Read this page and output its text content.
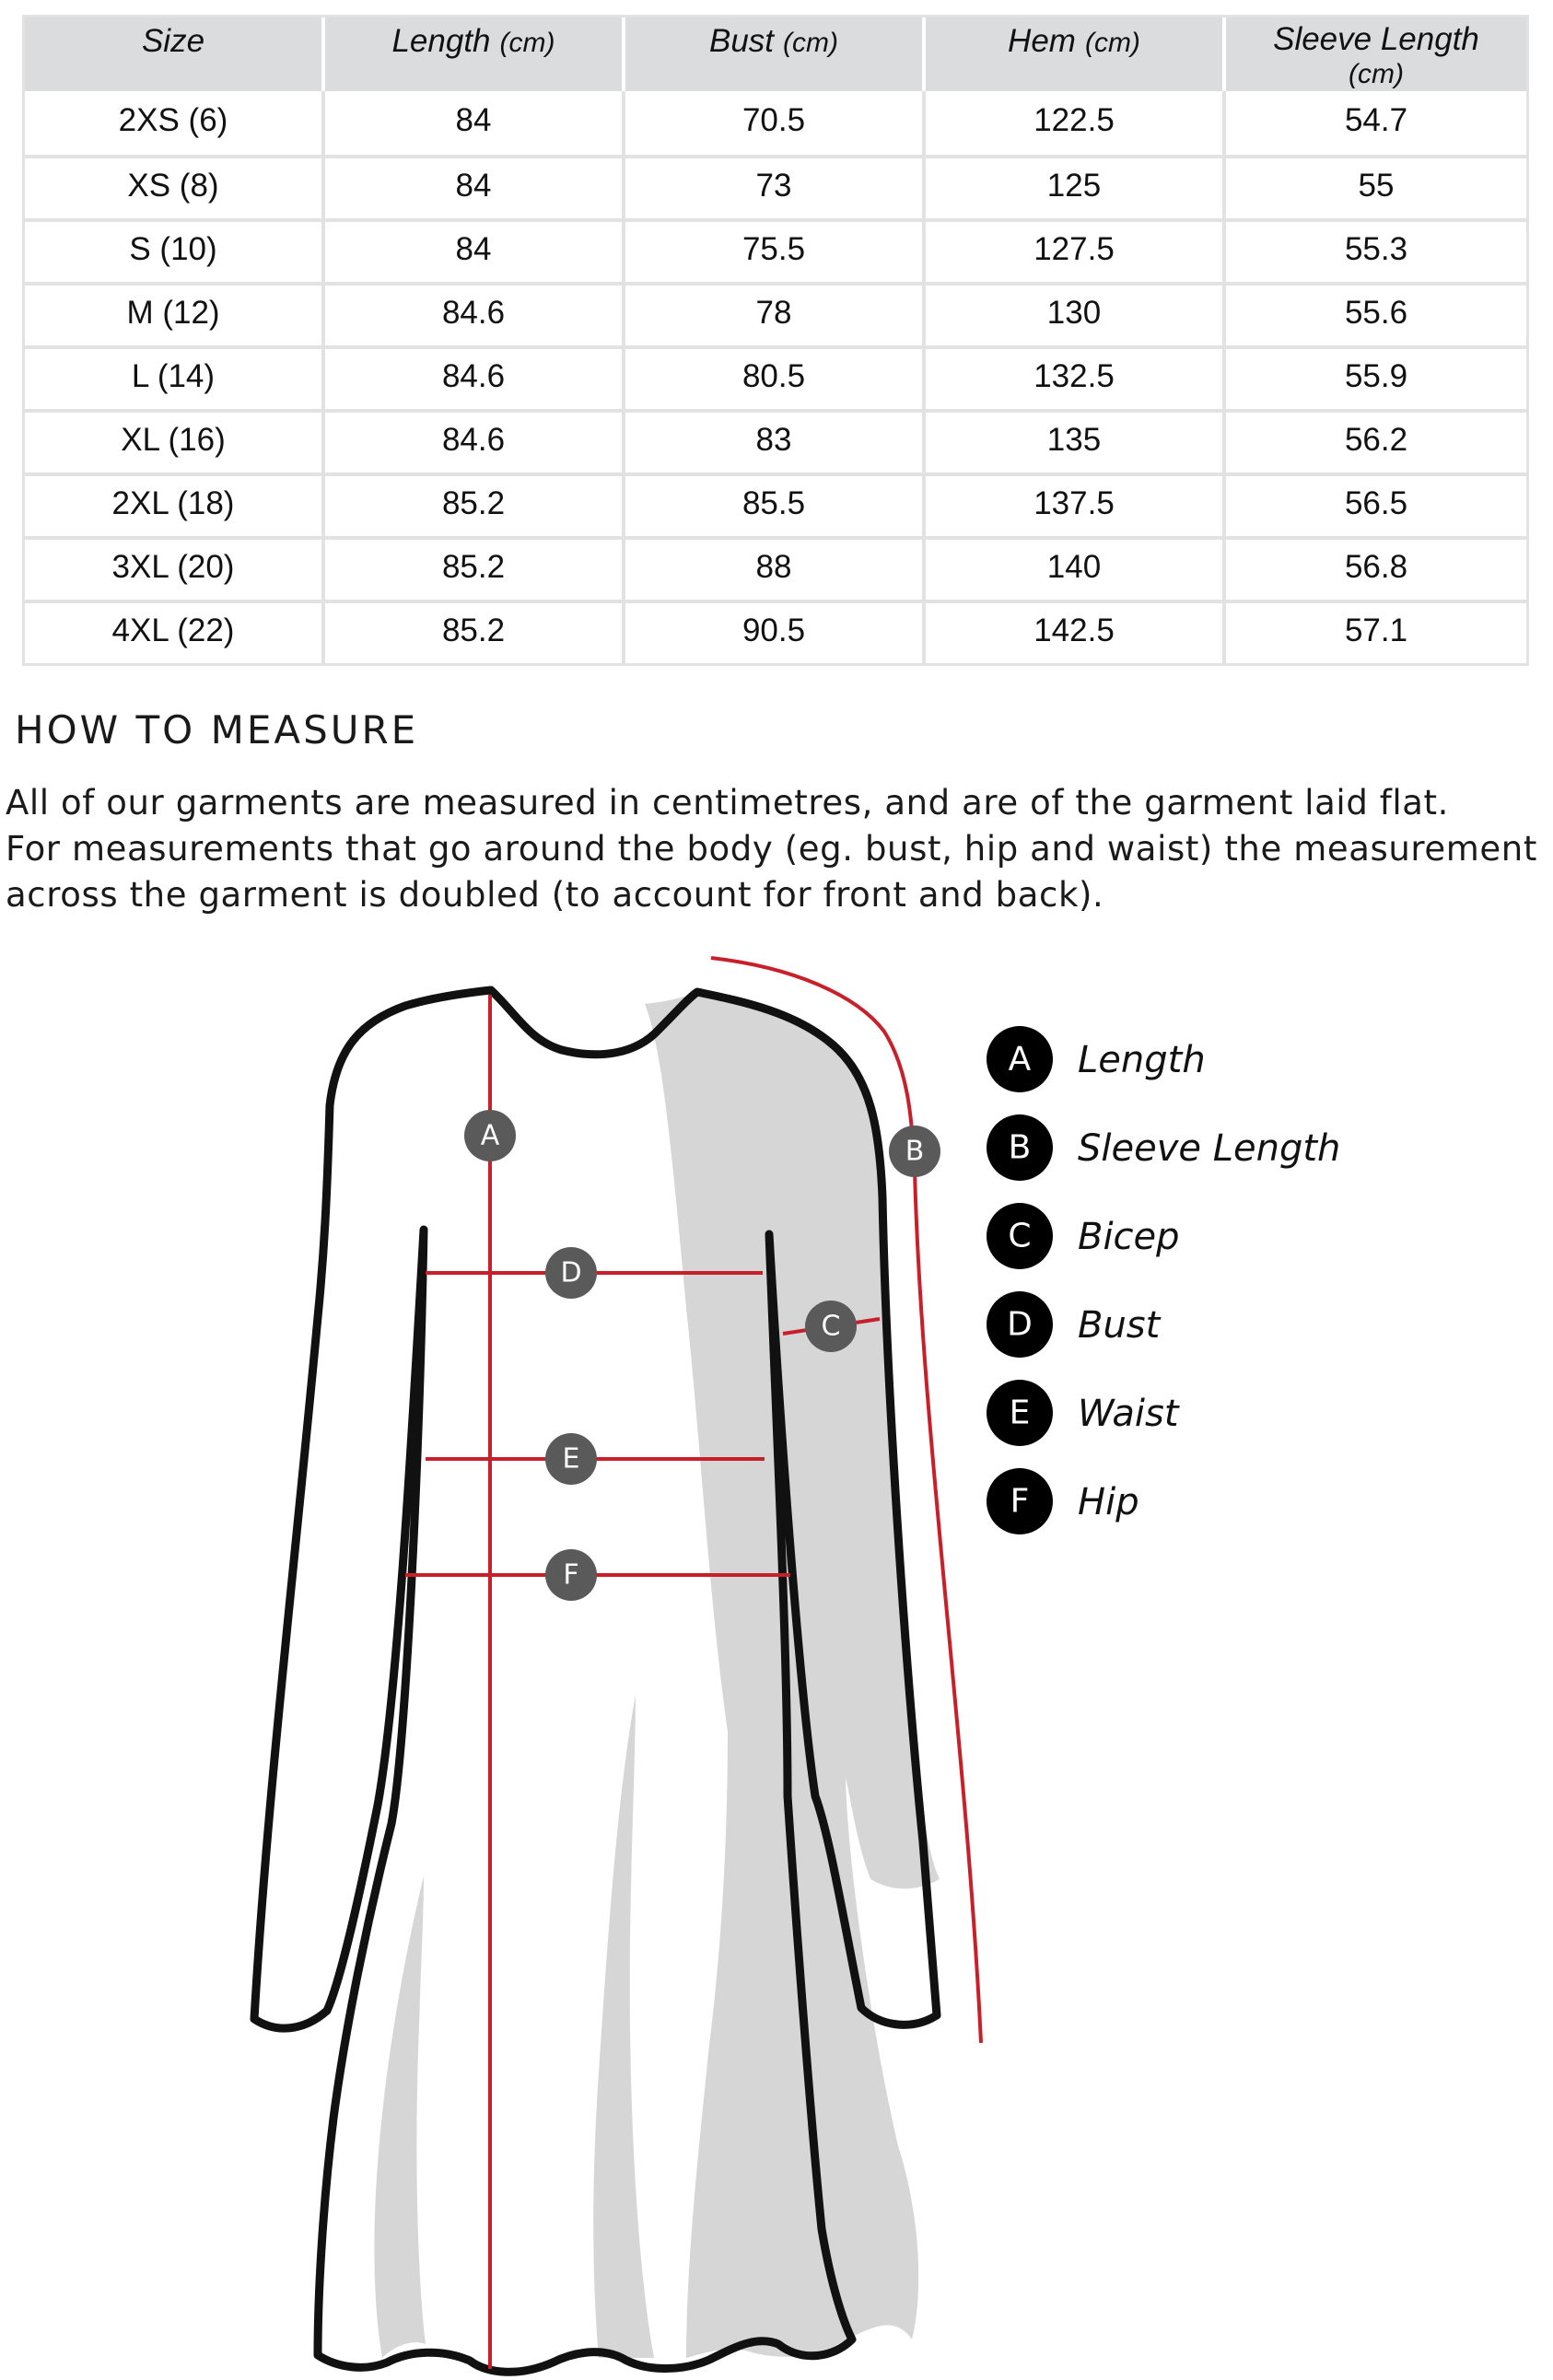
Size	Length (cm)	Bust (cm)	Hem (cm)	Sleeve Length
(cm)
2XS (6)	84	70.5	122.5	54.7
XS (8)	84	73	125	55
S (10)	84	75.5	127.5	55.3
M (12)	84.6	78	130	55.6
L (14)	84.6	80.5	132.5	55.9
XL (16)	84.6	83	135	56.2
2XL (18)	85.2	85.5	137.5	56.5
3XL (20)	85.2	88	140	56.8
4XL (22)	85.2	90.5	142.5	57.1
HOW TO MEASURE

All of our garments are measured in centimetres, and are of the garment laid flat.
For measurements that go around the body (eg. bust, hip and waist) the measurement
across the garment is doubled (to account for front and back).

A	B
C
D
E
F
A Length
B Sleeve Length
C Bicep
D Bust
E Waist
F Hip
